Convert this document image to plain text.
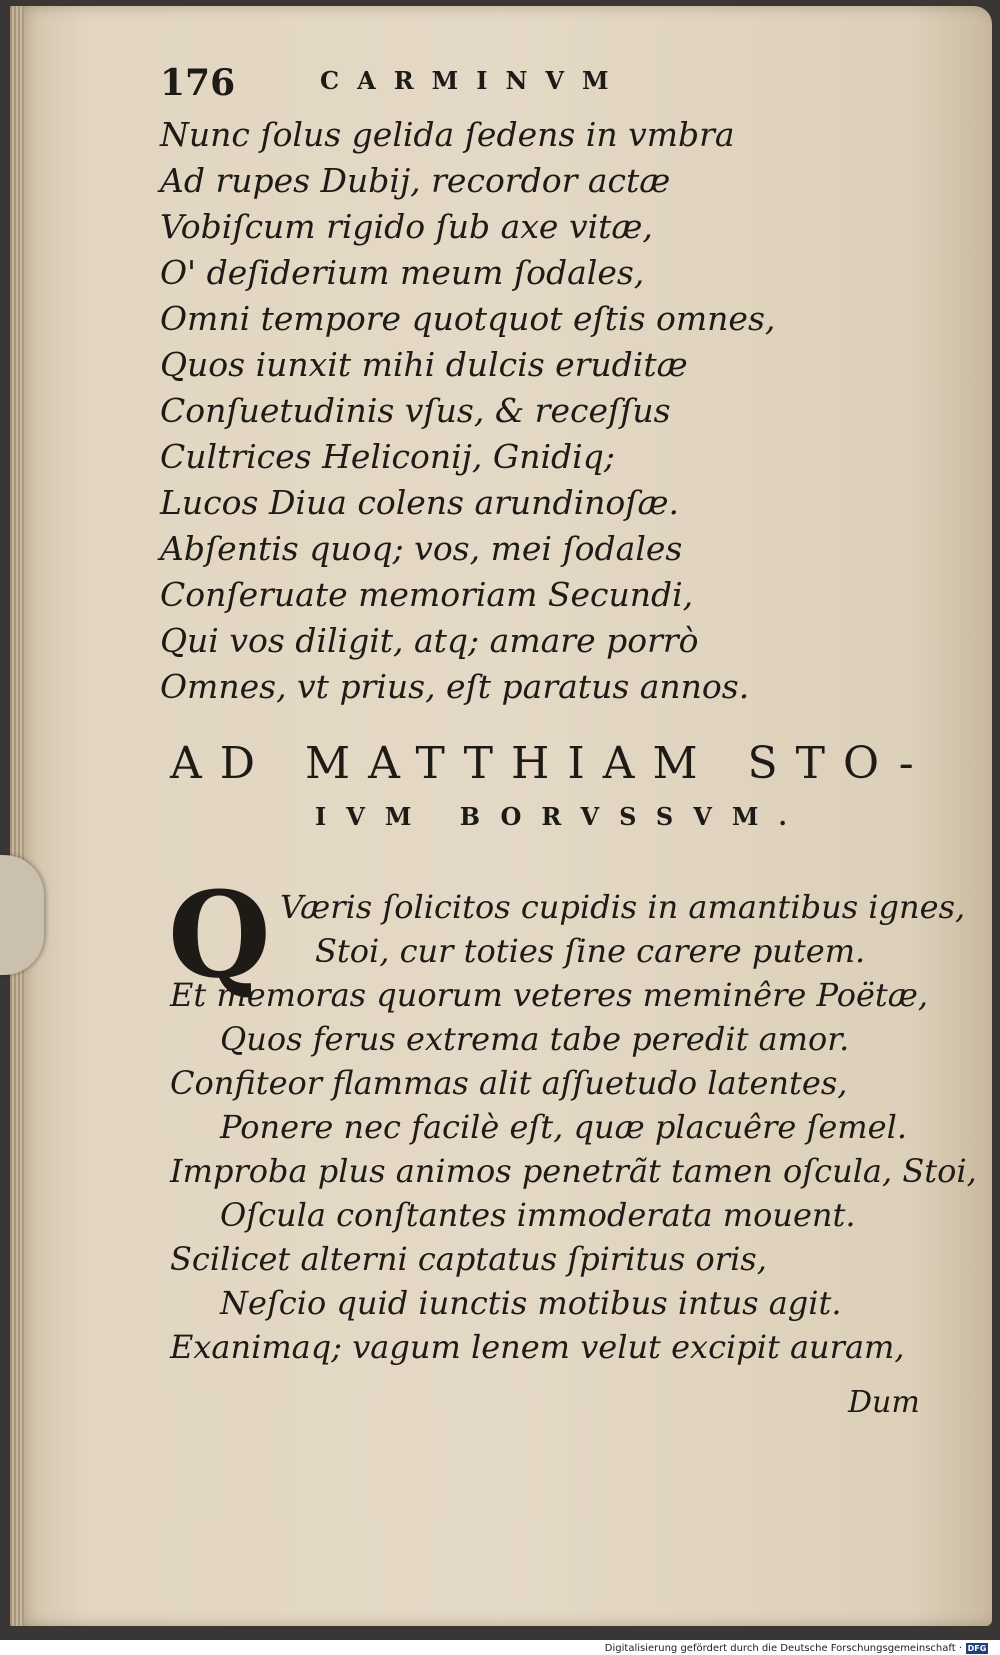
176	CARMINVM
Nunc ſolus gelida ſedens in vmbra
Ad rupes Dubij, recordor actæ
Vobiſcum rigido ſub axe vitæ,
O' deſiderium meum ſodales,
Omni tempore quotquot eſtis omnes,
Quos iunxit mihi dulcis eruditæ
Conſuetudinis vſus, & receſſus
Cultrices Heliconij, Gnidiq;
Lucos Diua colens arundinoſæ.
Abſentis quoq; vos, mei ſodales
Conſeruate memoriam Secundi,
Qui vos diligit, atq; amare porrò
Omnes, vt prius, eſt paratus annos.
AD MATTHIAM STO-
IVM BORVSSVM.
Q Væris ſolicitos cupidis in amantibus ignes,
Stoi, cur toties ſine carere putem.
Et memoras quorum veteres meminêre Poëtæ,
Quos ferus extrema tabe peredit amor.
Confiteor flammas alit aſſuetudo latentes,
Ponere nec facilè eſt, quæ placuêre ſemel.
Improba plus animos penetrãt tamen oſcula, Stoi,
Oſcula conſtantes immoderata mouent.
Scilicet alterni captatus ſpiritus oris,
Neſcio quid iunctis motibus intus agit.
Exanimaq; vagum lenem velut excipit auram,
Dum
Digitalisierung gefördert durch die Deutsche Forschungsgemeinschaft · DFG
